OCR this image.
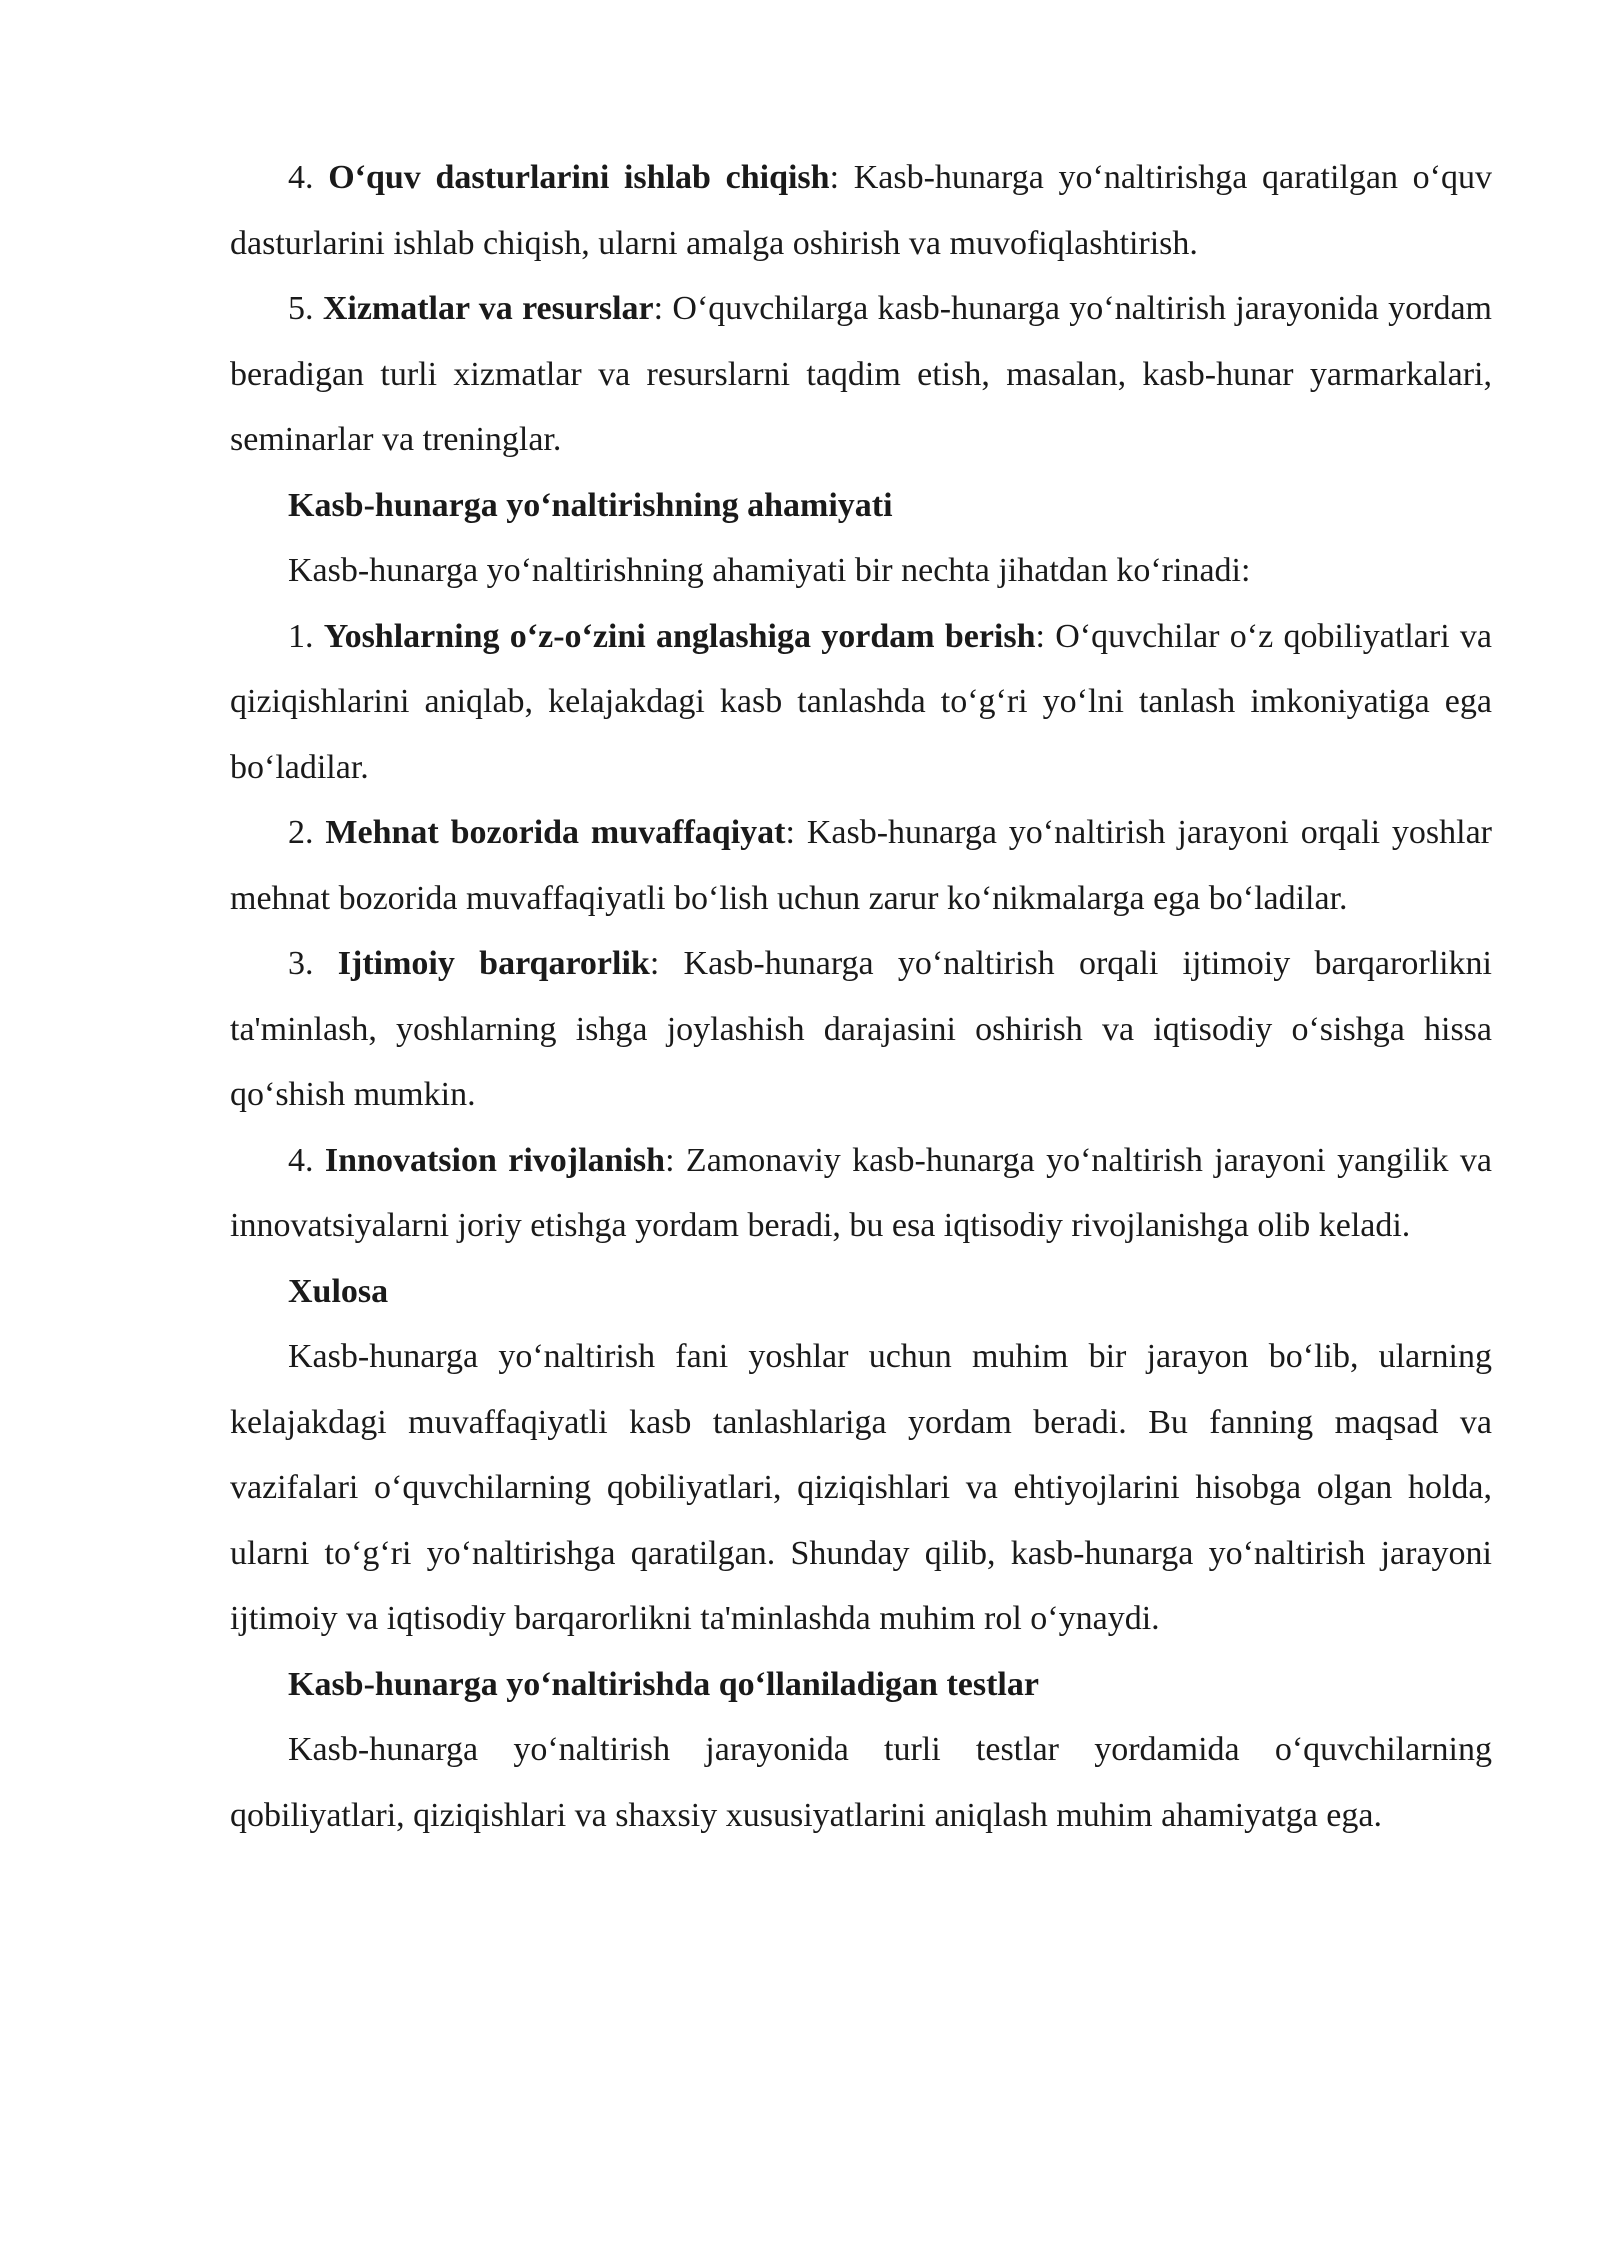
4. O‘quv dasturlarini ishlab chiqish: Kasb-hunarga yo‘naltirishga qaratilgan o‘quv dasturlarini ishlab chiqish, ularni amalga oshirish va muvofiqlashtirish.

5. Xizmatlar va resurslar: O‘quvchilarga kasb-hunarga yo‘naltirish jarayonida yordam beradigan turli xizmatlar va resurslarni taqdim etish, masalan, kasb-hunar yarmarkalari, seminarlar va treninglar.

Kasb-hunarga yo‘naltirishning ahamiyati

Kasb-hunarga yo‘naltirishning ahamiyati bir nechta jihatdan ko‘rinadi:

1. Yoshlarning o‘z-o‘zini anglashiga yordam berish: O‘quvchilar o‘z qobiliyatlari va qiziqishlarini aniqlab, kelajakdagi kasb tanlashda to‘g‘ri yo‘lni tanlash imkoniyatiga ega bo‘ladilar.

2. Mehnat bozorida muvaffaqiyat: Kasb-hunarga yo‘naltirish jarayoni orqali yoshlar mehnat bozorida muvaffaqiyatli bo‘lish uchun zarur ko‘nikmalarga ega bo‘ladilar.

3. Ijtimoiy barqarorlik: Kasb-hunarga yo‘naltirish orqali ijtimoiy barqarorlikni ta'minlash, yoshlarning ishga joylashish darajasini oshirish va iqtisodiy o‘sishga hissa qo‘shish mumkin.

4. Innovatsion rivojlanish: Zamonaviy kasb-hunarga yo‘naltirish jarayoni yangilik va innovatsiyalarni joriy etishga yordam beradi, bu esa iqtisodiy rivojlanishga olib keladi.

Xulosa

Kasb-hunarga yo‘naltirish fani yoshlar uchun muhim bir jarayon bo‘lib, ularning kelajakdagi muvaffaqiyatli kasb tanlashlariga yordam beradi. Bu fanning maqsad va vazifalari o‘quvchilarning qobiliyatlari, qiziqishlari va ehtiyojlarini hisobga olgan holda, ularni to‘g‘ri yo‘naltirishga qaratilgan. Shunday qilib, kasb-hunarga yo‘naltirish jarayoni ijtimoiy va iqtisodiy barqarorlikni ta'minlashda muhim rol o‘ynaydi.

Kasb-hunarga yo‘naltirishda qo‘llaniladigan testlar

Kasb-hunarga yo‘naltirish jarayonida turli testlar yordamida o‘quvchilarning qobiliyatlari, qiziqishlari va shaxsiy xususiyatlarini aniqlash muhim ahamiyatga ega.
